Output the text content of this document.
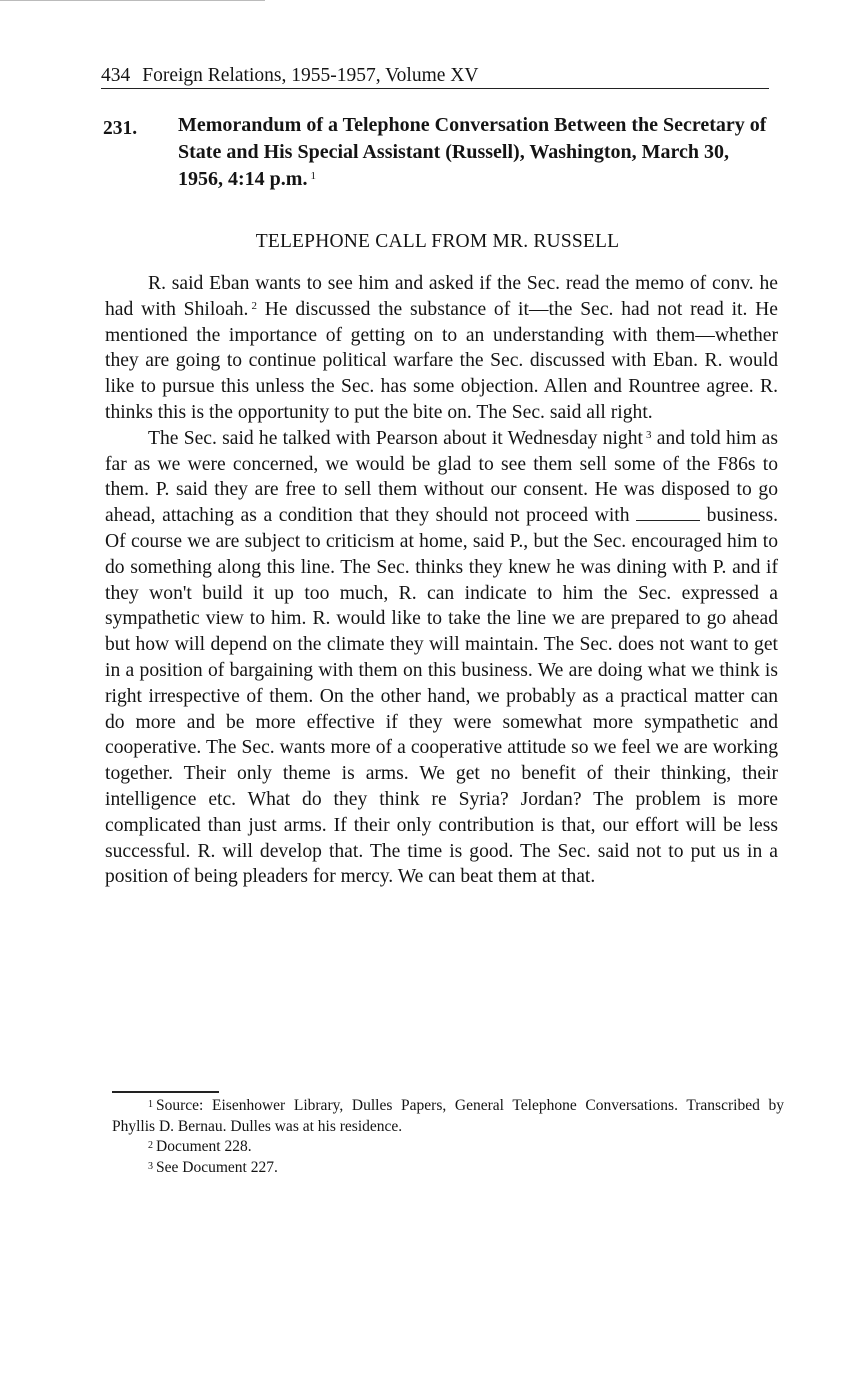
434 Foreign Relations, 1955-1957, Volume XV
231. Memorandum of a Telephone Conversation Between the Secretary of State and His Special Assistant (Russell), Washington, March 30, 1956, 4:14 p.m. $^1$
TELEPHONE CALL FROM MR. RUSSELL

R. said Eban wants to see him and asked if the Sec. read the memo of conv. he had with Shiloah. $^2$ He discussed the substance of it—the Sec. had not read it. He mentioned the importance of getting on to an understanding with them—whether they are going to continue political warfare the Sec. discussed with Eban. R. would like to pursue this unless the Sec. has some objection. Allen and Rountree agree. R. thinks this is the opportunity to put the bite on. The Sec. said all right.

The Sec. said he talked with Pearson about it Wednesday night $^3$ and told him as far as we were concerned, we would be glad to see them sell some of the F86s to them. P. said they are free to sell them without our consent. He was disposed to go ahead, attaching as a condition that they should not proceed with	business. Of course we are subject to criticism at home, said P., but the Sec. encouraged him to do something along this line. The Sec. thinks they knew he was dining with P. and if they won't build it up too much, R. can indicate to him the Sec. expressed a sympathetic view to him. R. would like to take the line we are prepared to go ahead but how will depend on the climate they will maintain. The Sec. does not want to get in a position of bargaining with them on this business. We are doing what we think is right irrespective of them. On the other hand, we probably as a practical matter can do more and be more effective if they were somewhat more sympathetic and cooperative. The Sec. wants more of a cooperative attitude so we feel we are working together. Their only theme is arms. We get no benefit of their thinking, their intelligence etc. What do they think re Syria? Jordan? The problem is more complicated than just arms. If their only contribution is that, our effort will be less successful. R. will develop that. The time is good. The Sec. said not to put us in a position of being pleaders for mercy. We can beat them at that.

$^1$ Source: Eisenhower Library, Dulles Papers, General Telephone Conversations. Transcribed by Phyllis D. Bernau. Dulles was at his residence.

$^2$ Document 228.

$^3$ See Document 227.
